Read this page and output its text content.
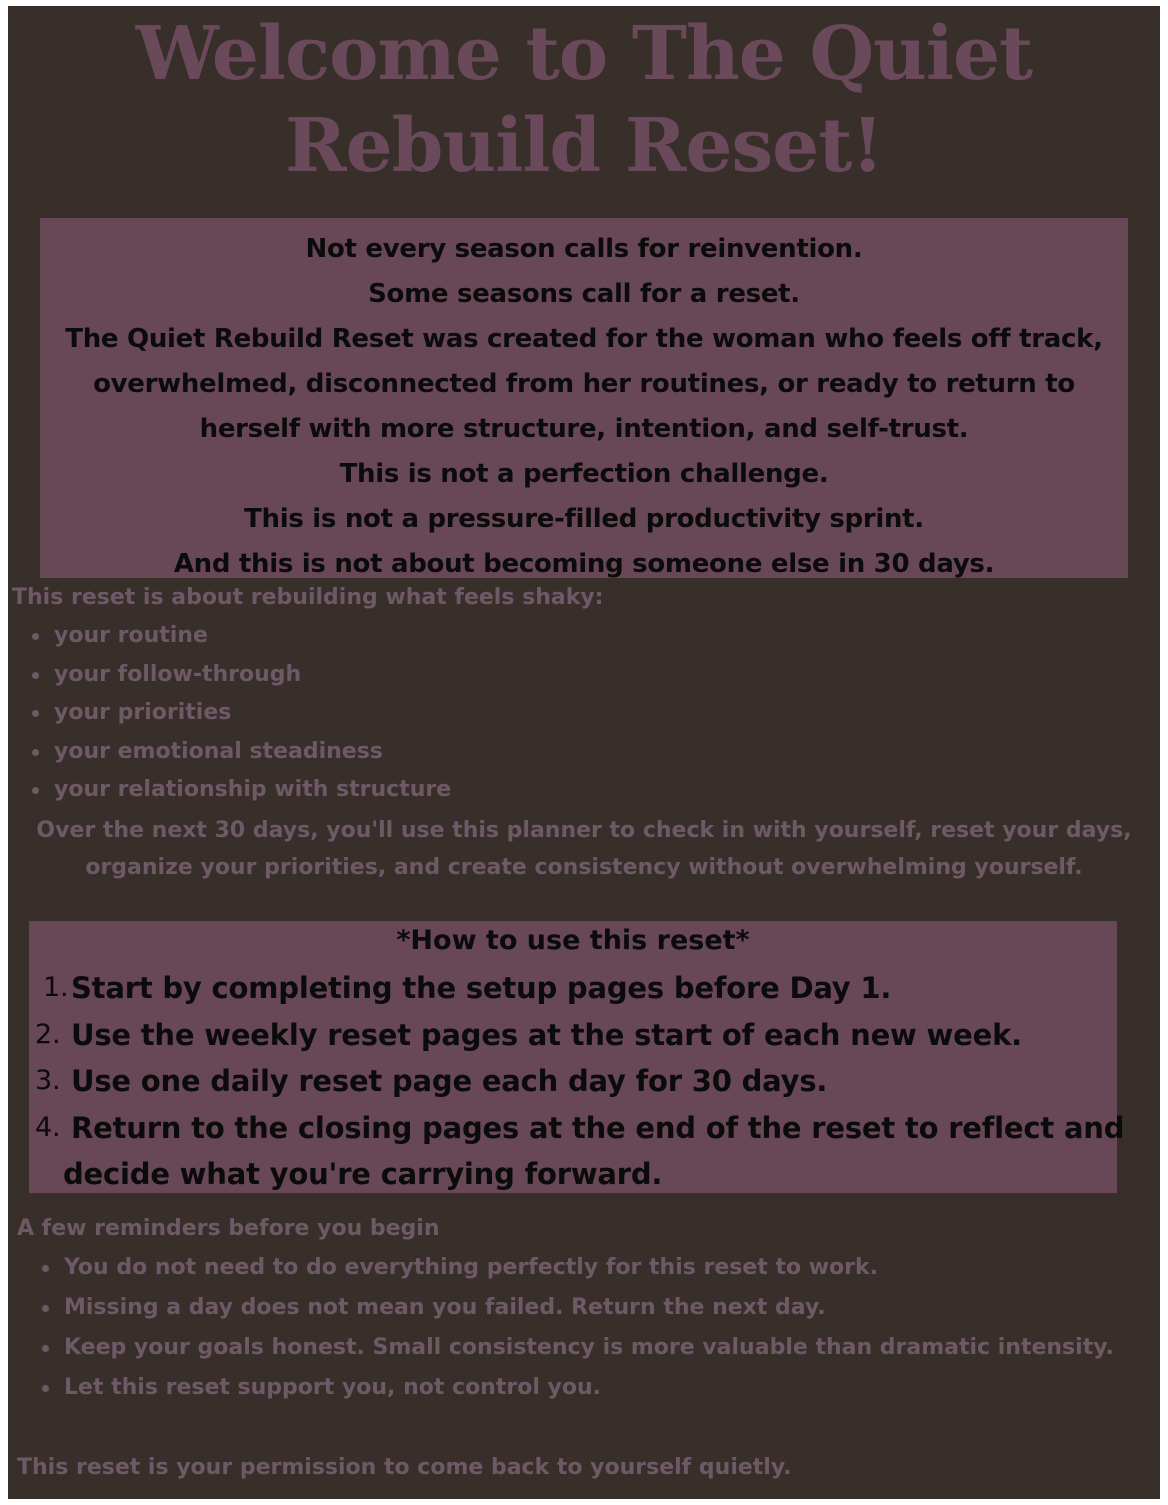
Welcome to The Quiet Rebuild Reset!

Not every season calls for reinvention.

Some seasons call for a reset.

The Quiet Rebuild Reset was created for the woman who feels off track, overwhelmed, disconnected from her routines, or ready to return to herself with more structure, intention, and self-trust.

This is not a perfection challenge.

This is not a pressure-filled productivity sprint.

And this is not about becoming someone else in 30 days.

This reset is about rebuilding what feels shaky:

your routine
your follow-through
your priorities
your emotional steadiness
your relationship with structure

Over the next 30 days, you'll use this planner to check in with yourself, reset your days, organize your priorities, and create consistency without overwhelming yourself.

*How to use this reset*

1. Start by completing the setup pages before Day 1.
2. Use the weekly reset pages at the start of each new week.
3. Use one daily reset page each day for 30 days.
4. Return to the closing pages at the end of the reset to reflect and decide what you're carrying forward.

A few reminders before you begin

You do not need to do everything perfectly for this reset to work.
Missing a day does not mean you failed. Return the next day.
Keep your goals honest. Small consistency is more valuable than dramatic intensity.
Let this reset support you, not control you.

This reset is your permission to come back to yourself quietly.
